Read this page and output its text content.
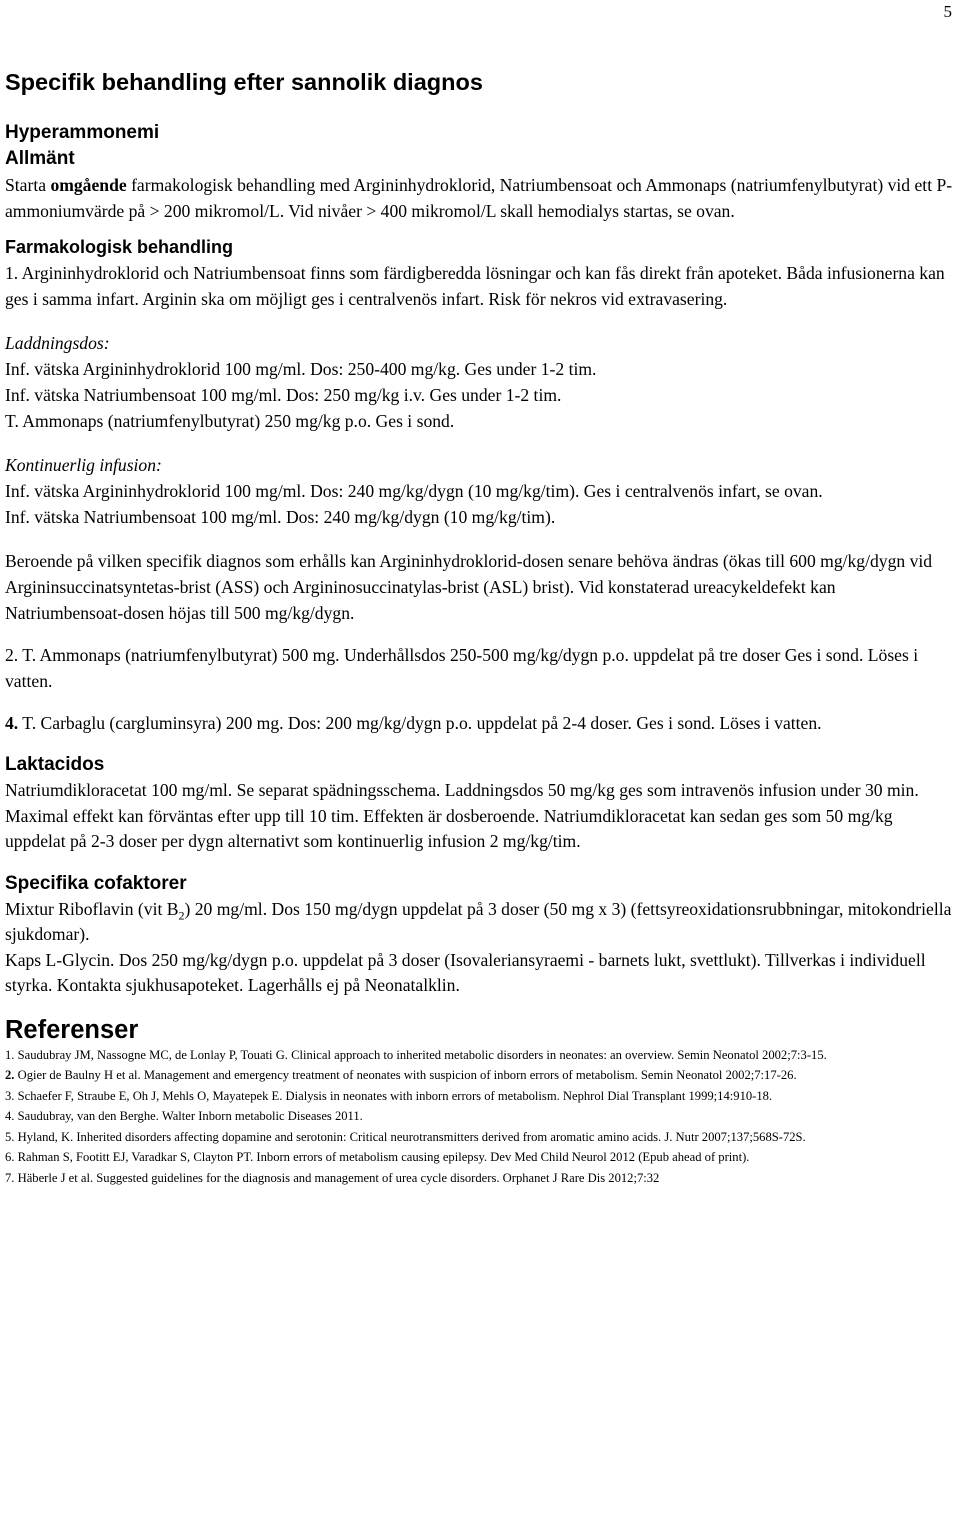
5
Specifik behandling efter sannolik diagnos
Hyperammonemi
Allmänt

Starta omgående farmakologisk behandling med Argininhydroklorid, Natriumbensoat och Ammonaps (natriumfenylbutyrat) vid ett P-ammoniumvärde på > 200 mikromol/L. Vid nivåer > 400 mikromol/L skall hemodialys startas, se ovan.

Farmakologisk behandling

1. Argininhydroklorid och Natriumbensoat finns som färdigberedda lösningar och kan fås direkt från apoteket. Båda infusionerna kan ges i samma infart. Arginin ska om möjligt ges i centralvenös infart. Risk för nekros vid extravasering.

Laddningsdos:

Inf. vätska Argininhydroklorid 100 mg/ml. Dos: 250-400 mg/kg. Ges under 1-2 tim.

Inf. vätska Natriumbensoat 100 mg/ml. Dos: 250 mg/kg i.v. Ges under 1-2 tim.

T. Ammonaps (natriumfenylbutyrat) 250 mg/kg p.o. Ges i sond.

Kontinuerlig infusion:

Inf. vätska Argininhydroklorid 100 mg/ml. Dos: 240 mg/kg/dygn (10 mg/kg/tim). Ges i centralvenös infart, se ovan.

Inf. vätska Natriumbensoat 100 mg/ml. Dos: 240 mg/kg/dygn (10 mg/kg/tim).

Beroende på vilken specifik diagnos som erhålls kan Argininhydroklorid-dosen senare behöva ändras (ökas till 600 mg/kg/dygn vid Argininsuccinatsyntetas-brist (ASS) och Argininosuccinatylas-brist (ASL) brist). Vid konstaterad ureacykeldefekt kan Natriumbensoat-dosen höjas till 500 mg/kg/dygn.

2. T. Ammonaps (natriumfenylbutyrat) 500 mg. Underhållsdos 250-500 mg/kg/dygn p.o. uppdelat på tre doser Ges i sond. Löses i vatten.

4. T. Carbaglu (cargluminsyra) 200 mg. Dos: 200 mg/kg/dygn p.o. uppdelat på 2-4 doser. Ges i sond. Löses i vatten.

Laktacidos

Natriumdikloracetat 100 mg/ml. Se separat spädningsschema. Laddningsdos 50 mg/kg ges som intravenös infusion under 30 min. Maximal effekt kan förväntas efter upp till 10 tim. Effekten är dosberoende. Natriumdikloracetat kan sedan ges som 50 mg/kg uppdelat på 2-3 doser per dygn alternativt som kontinuerlig infusion 2 mg/kg/tim.

Specifika cofaktorer

Mixtur Riboflavin (vit $B_2$) 20 mg/ml. Dos 150 mg/dygn uppdelat på 3 doser (50 mg x 3) (fettsyreoxidationsrubbningar, mitokondriella sjukdomar).

Kaps L-Glycin. Dos 250 mg/kg/dygn p.o. uppdelat på 3 doser (Isovaleriansyraemi - barnets lukt, svettlukt). Tillverkas i individuell styrka. Kontakta sjukhusapoteket. Lagerhålls ej på Neonatalklin.

Referenser

1. Saudubray JM, Nassogne MC, de Lonlay P, Touati G. Clinical approach to inherited metabolic disorders in neonates: an overview. Semin Neonatol 2002;7:3-15.

2. Ogier de Baulny H et al. Management and emergency treatment of neonates with suspicion of inborn errors of metabolism. Semin Neonatol 2002;7:17-26.

3. Schaefer F, Straube E, Oh J, Mehls O, Mayatepek E. Dialysis in neonates with inborn errors of metabolism. Nephrol Dial Transplant 1999;14:910-18.

4. Saudubray, van den Berghe. Walter Inborn metabolic Diseases 2011.

5. Hyland, K. Inherited disorders affecting dopamine and serotonin: Critical neurotransmitters derived from aromatic amino acids. J. Nutr 2007;137;568S-72S.

6. Rahman S, Footitt EJ, Varadkar S, Clayton PT. Inborn errors of metabolism causing epilepsy. Dev Med Child Neurol 2012 (Epub ahead of print).

7. Häberle J et al. Suggested guidelines for the diagnosis and management of urea cycle disorders. Orphanet J Rare Dis 2012;7:32
